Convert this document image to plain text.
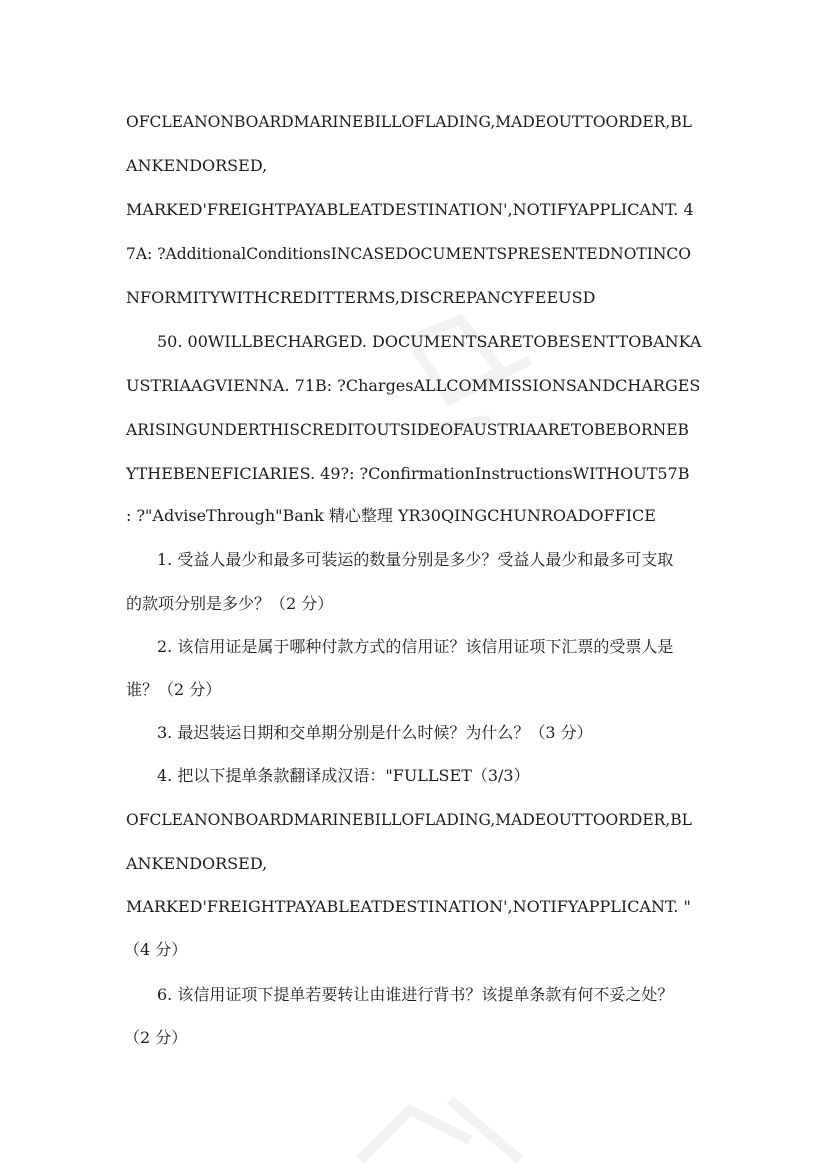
OFCLEANONBOARDMARINEBILLOFLADING,MADEOUTTOORDER,BL
ANKENDORSED,
MARKED'FREIGHTPAYABLEATDESTINATION',NOTIFYAPPLICANT. 4
7A: ?AdditionalConditionsINCASEDOCUMENTSPRESENTEDNOTINCO
NFORMITYWITHCREDITTERMS,DISCREPANCYFEEUSD
50. 00WILLBECHARGED. DOCUMENTSARETOBESENTTOBANKA
USTRIAAGVIENNA. 71B: ?ChargesALLCOMMISSIONSANDCHARGES
ARISINGUNDERTHISCREDITOUTSIDEOFAUSTRIAARETOBEBORNEB
YTHEBENEFICIARIES. 49?: ?ConfirmationInstructionsWITHOUT57B
: ?"AdviseThrough"Bank 精心整理 YR30QINGCHUNROADOFFICE
1. 受益人最少和最多可装运的数量分别是多少？受益人最少和最多可支取
的款项分别是多少？（2 分）
2. 该信用证是属于哪种付款方式的信用证？该信用证项下汇票的受票人是
谁？（2 分）
3. 最迟装运日期和交单期分别是什么时候？为什么？（3 分）
4. 把以下提单条款翻译成汉语："FULLSET（3/3）
OFCLEANONBOARDMARINEBILLOFLADING,MADEOUTTOORDER,BL
ANKENDORSED,
MARKED'FREIGHTPAYABLEATDESTINATION',NOTIFYAPPLICANT. "
（4 分）
6. 该信用证项下提单若要转让由谁进行背书？该提单条款有何不妥之处？
（2 分）
